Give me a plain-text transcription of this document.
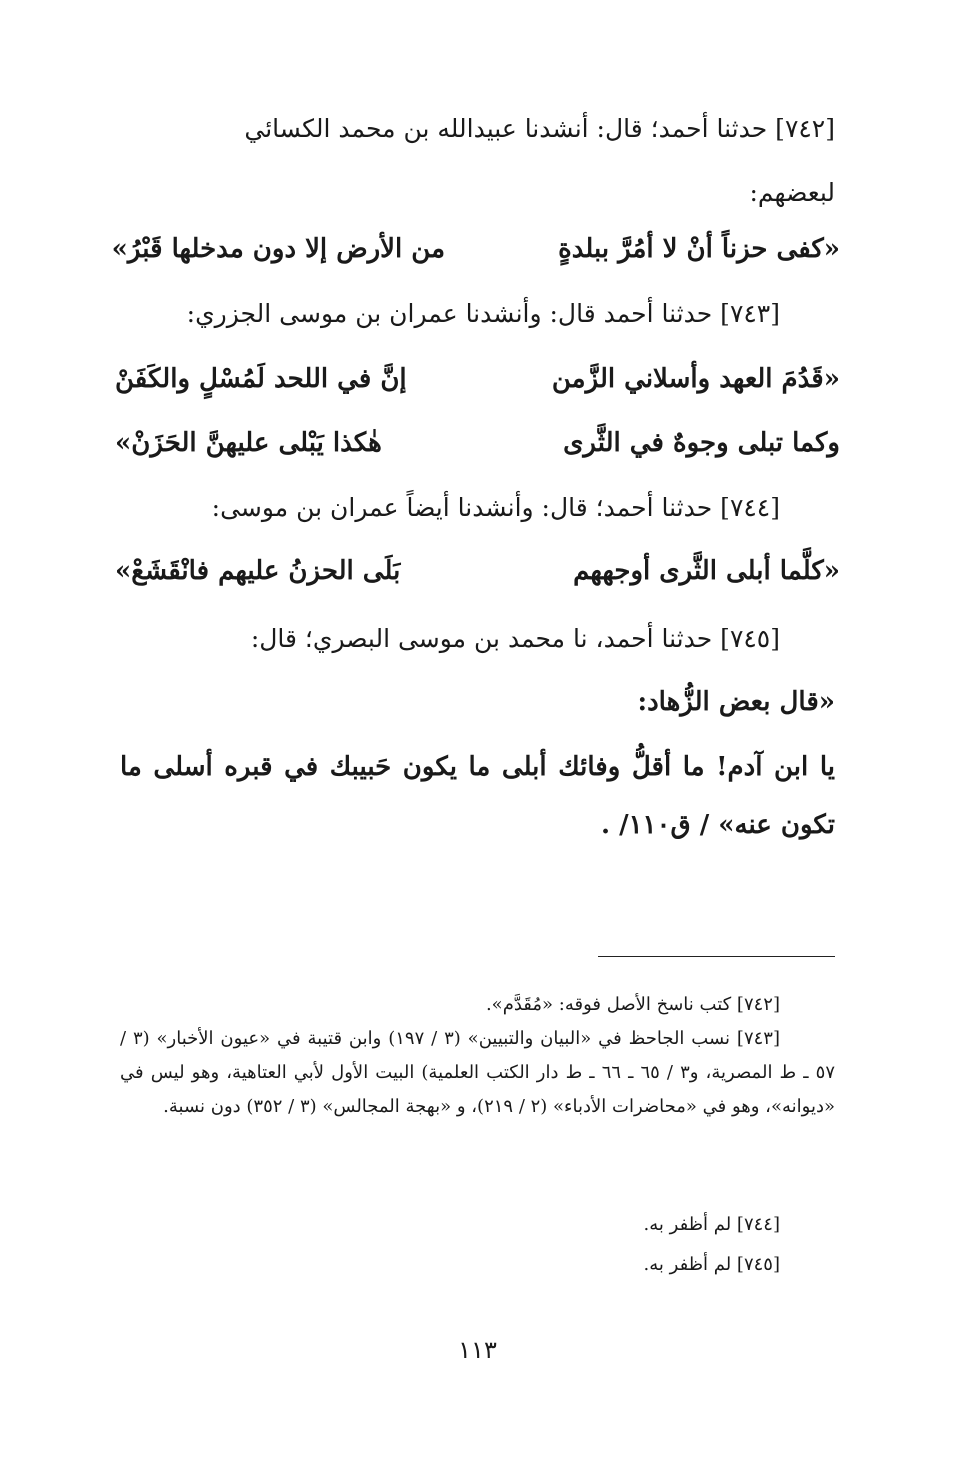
[٧٤٢] حدثنا أحمد؛ قال: أنشدنا عبيدالله بن محمد الكسائي
لبعضهم:
«كفى حزناً أنْ لا أمُرَّ ببلدةٍ
من الأرض إلا دون مدخلها قَبْرُ»
[٧٤٣] حدثنا أحمد قال: وأنشدنا عمران بن موسى الجزري:
«قَدُمَ العهد وأسلاني الزَّمن
إنَّ في اللحد لَمُسْلٍ والكَفَنْ
وكما تبلى وجوهٌ في الثَّرى
هٰكذا يَبْلى عليهنَّ الحَزَنْ»
[٧٤٤] حدثنا أحمد؛ قال: وأنشدنا أيضاً عمران بن موسى:
«كلَّما أبلى الثَّرى أوجههم
بَلَى الحزنُ عليهم فانْقَشَعْ»
[٧٤٥] حدثنا أحمد، نا محمد بن موسى البصري؛ قال:
«قال بعض الزُّهاد:
يا ابن آدم! ما أقلُّ وفائك أبلى ما يكون حَبيبك في قبره أسلى ما
تكون عنه» / ق١١٠/ .
[٧٤٢] كتب ناسخ الأصل فوقه: «مُقَدَّم».
[٧٤٣] نسب الجاحظ في «البيان والتبيين» (٣ / ١٩٧) وابن قتيبة في «عيون الأخبار» (٣ / ٥٧ ـ ط المصرية، و٣ / ٦٥ ـ ٦٦ ـ ط دار الكتب العلمية) البيت الأول لأبي العتاهية، وهو ليس في «ديوانه»، وهو في «محاضرات الأدباء» (٢ / ٢١٩)، و «بهجة المجالس» (٣ / ٣٥٢) دون نسبة.
[٧٤٤] لم أظفر به.
[٧٤٥] لم أظفر به.
١١٣
